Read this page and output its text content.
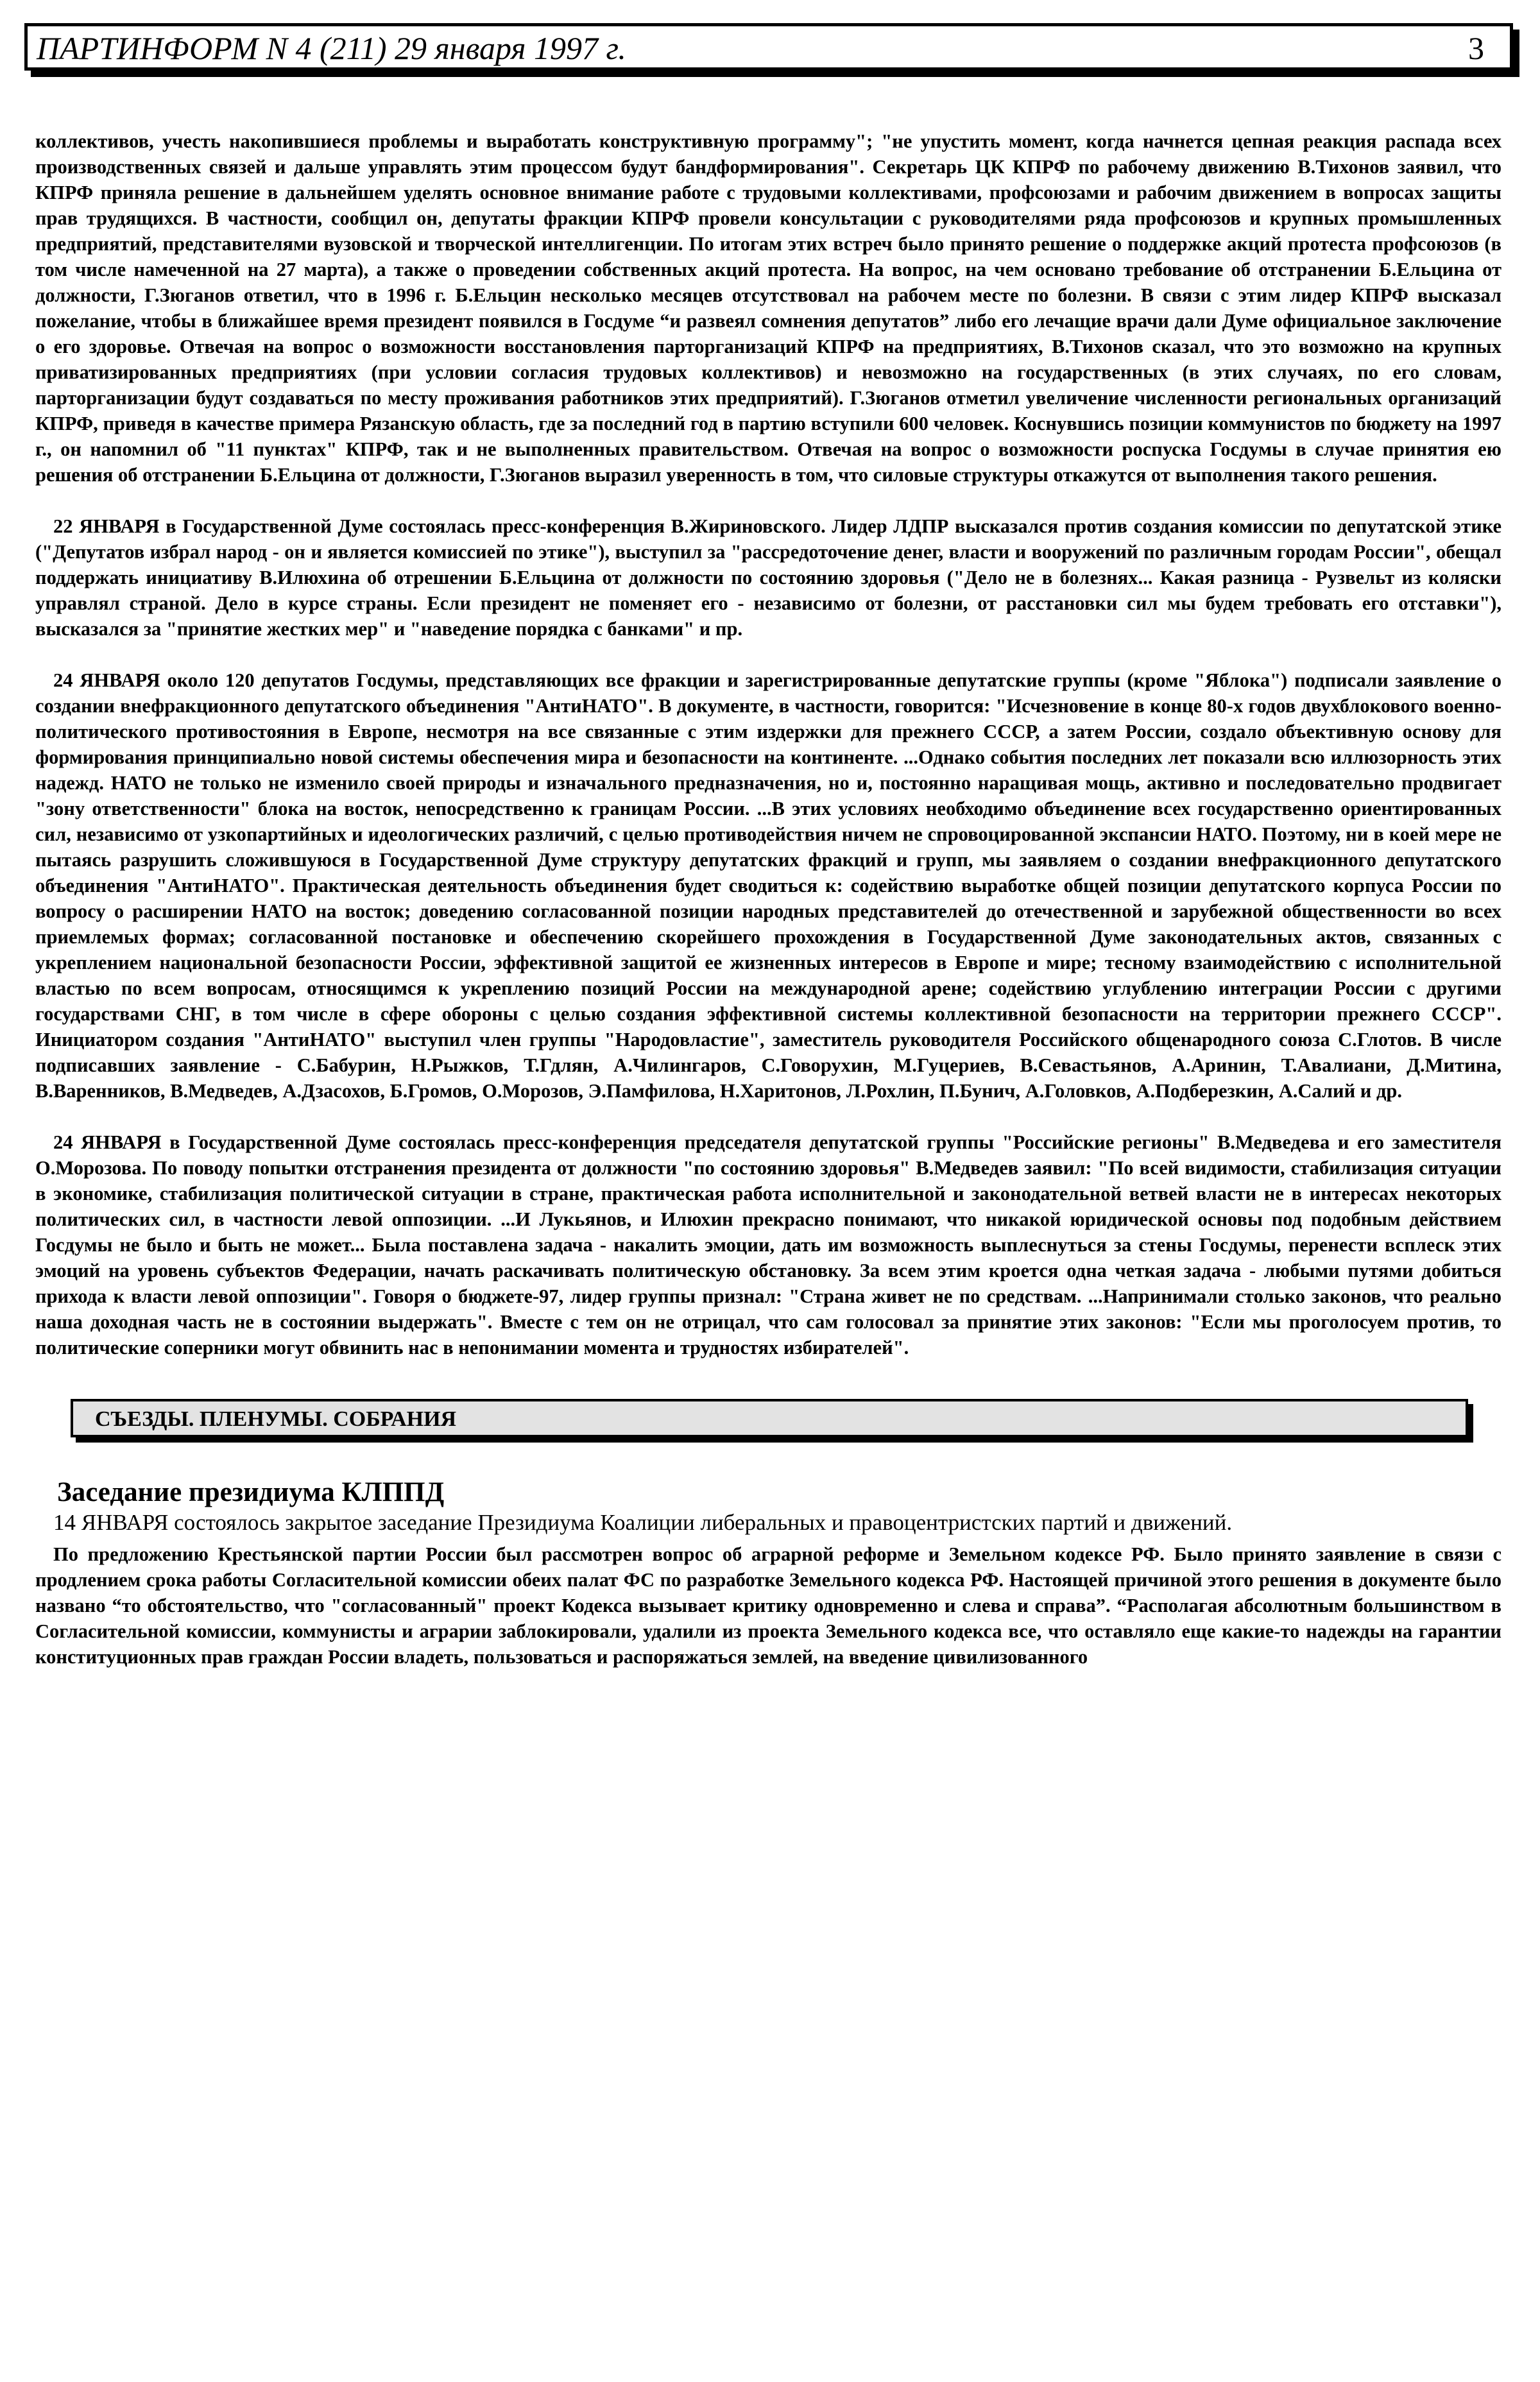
ПАРТИНФОРМ N 4 (211) 29 января 1997 г.	3

коллективов, учесть накопившиеся проблемы и выработать конструктивную программу"; "не упустить момент, когда начнется цепная реакция распада всех производственных связей и дальше управлять этим процессом будут бандформирования". Секретарь ЦК КПРФ по рабочему движению В.Тихонов заявил, что КПРФ приняла решение в дальнейшем уделять основное внимание работе с трудовыми коллективами, профсоюзами и рабочим движением в вопросах защиты прав трудящихся. В частности, сообщил он, депутаты фракции КПРФ провели консультации с руководителями ряда профсоюзов и крупных промышленных предприятий, представителями вузовской и творческой интеллигенции. По итогам этих встреч было принято решение о поддержке акций протеста профсоюзов (в том числе намеченной на 27 марта), а также о проведении собственных акций протеста. На вопрос, на чем основано требование об отстранении Б.Ельцина от должности, Г.Зюганов ответил, что в 1996 г. Б.Ельцин несколько месяцев отсутствовал на рабочем месте по болезни. В связи с этим лидер КПРФ высказал пожелание, чтобы в ближайшее время президент появился в Госдуме “и развеял сомнения депутатов” либо его лечащие врачи дали Думе официальное заключение о его здоровье. Отвечая на вопрос о возможности восстановления парторганизаций КПРФ на предприятиях, В.Тихонов сказал, что это возможно на крупных приватизированных предприятиях (при условии согласия трудовых коллективов) и невозможно на государственных (в этих случаях, по его словам, парторганизации будут создаваться по месту проживания работников этих предприятий). Г.Зюганов отметил увеличение численности региональных организаций КПРФ, приведя в качестве примера Рязанскую область, где за последний год в партию вступили 600 человек. Коснувшись позиции коммунистов по бюджету на 1997 г., он напомнил об "11 пунктах" КПРФ, так и не выполненных правительством. Отвечая на вопрос о возможности роспуска Госдумы в случае принятия ею решения об отстранении Б.Ельцина от должности, Г.Зюганов выразил уверенность в том, что силовые структуры откажутся от выполнения такого решения.

22 ЯНВАРЯ в Государственной Думе состоялась пресс-конференция В.Жириновского. Лидер ЛДПР высказался против создания комиссии по депутатской этике ("Депутатов избрал народ - он и является комиссией по этике"), выступил за "рассредоточение денег, власти и вооружений по различным городам России", обещал поддержать инициативу В.Илюхина об отрешении Б.Ельцина от должности по состоянию здоровья ("Дело не в болезнях... Какая разница - Рузвельт из коляски управлял страной. Дело в курсе страны. Если президент не поменяет его - независимо от болезни, от расстановки сил мы будем требовать его отставки"), высказался за "принятие жестких мер" и "наведение порядка с банками" и пр.

24 ЯНВАРЯ около 120 депутатов Госдумы, представляющих все фракции и зарегистрированные депутатские группы (кроме "Яблока") подписали заявление о создании внефракционного депутатского объединения "АнтиНАТО". В документе, в частности, говорится: "Исчезновение в конце 80-х годов двухблокового военно-политического противостояния в Европе, несмотря на все связанные с этим издержки для прежнего СССР, а затем России, создало объективную основу для формирования принципиально новой системы обеспечения мира и безопасности на континенте. ...Однако события последних лет показали всю иллюзорность этих надежд. НАТО не только не изменило своей природы и изначального предназначения, но и, постоянно наращивая мощь, активно и последовательно продвигает "зону ответственности" блока на восток, непосредственно к границам России. ...В этих условиях необходимо объединение всех государственно ориентированных сил, независимо от узкопартийных и идеологических различий, с целью противодействия ничем не спровоцированной экспансии НАТО. Поэтому, ни в коей мере не пытаясь разрушить сложившуюся в Государственной Думе структуру депутатских фракций и групп, мы заявляем о создании внефракционного депутатского объединения "АнтиНАТО". Практическая деятельность объединения будет сводиться к: содействию выработке общей позиции депутатского корпуса России по вопросу о расширении НАТО на восток; доведению согласованной позиции народных представителей до отечественной и зарубежной общественности во всех приемлемых формах; согласованной постановке и обеспечению скорейшего прохождения в Государственной Думе законодательных актов, связанных с укреплением национальной безопасности России, эффективной защитой ее жизненных интересов в Европе и мире; тесному взаимодействию с исполнительной властью по всем вопросам, относящимся к укреплению позиций России на международной арене; содействию углублению интеграции России с другими государствами СНГ, в том числе в сфере обороны с целью создания эффективной системы коллективной безопасности на территории прежнего СССР". Инициатором создания "АнтиНАТО" выступил член группы "Народовластие", заместитель руководителя Российского общенародного союза С.Глотов. В числе подписавших заявление - С.Бабурин, Н.Рыжков, Т.Гдлян, А.Чилингаров, С.Говорухин, М.Гуцериев, В.Севастьянов, А.Аринин, Т.Авалиани, Д.Митина, В.Варенников, В.Медведев, А.Дзасохов, Б.Громов, О.Морозов, Э.Памфилова, Н.Харитонов, Л.Рохлин, П.Бунич, А.Головков, А.Подберезкин, А.Салий и др.

24 ЯНВАРЯ в Государственной Думе состоялась пресс-конференция председателя депутатской группы "Российские регионы" В.Медведева и его заместителя О.Морозова. По поводу попытки отстранения президента от должности "по состоянию здоровья" В.Медведев заявил: "По всей видимости, стабилизация ситуации в экономике, стабилизация политической ситуации в стране, практическая работа исполнительной и законодательной ветвей власти не в интересах некоторых политических сил, в частности левой оппозиции. ...И Лукьянов, и Илюхин прекрасно понимают, что никакой юридической основы под подобным действием Госдумы не было и быть не может... Была поставлена задача - накалить эмоции, дать им возможность выплеснуться за стены Госдумы, перенести всплеск этих эмоций на уровень субъектов Федерации, начать раскачивать политическую обстановку. За всем этим кроется одна четкая задача - любыми путями добиться прихода к власти левой оппозиции". Говоря о бюджете-97, лидер группы признал: "Страна живет не по средствам. ...Напринимали столько законов, что реально наша доходная часть не в состоянии выдержать". Вместе с тем он не отрицал, что сам голосовал за принятие этих законов: "Если мы проголосуем против, то политические соперники могут обвинить нас в непонимании момента и трудностях избирателей".

СЪЕЗДЫ. ПЛЕНУМЫ. СОБРАНИЯ
Заседание президиума КЛППД

14 ЯНВАРЯ состоялось закрытое заседание Президиума Коалиции либеральных и правоцентристских партий и движений.

По предложению Крестьянской партии России был рассмотрен вопрос об аграрной реформе и Земельном кодексе РФ. Было принято заявление в связи с продлением срока работы Согласительной комиссии обеих палат ФС по разработке Земельного кодекса РФ. Настоящей причиной этого решения в документе было названо “то обстоятельство, что "согласованный" проект Кодекса вызывает критику одновременно и слева и справа”. “Располагая абсолютным большинством в Согласительной комиссии, коммунисты и аграрии заблокировали, удалили из проекта Земельного кодекса все, что оставляло еще какие-то надежды на гарантии конституционных прав граждан России владеть, пользоваться и распоряжаться землей, на введение цивилизованного
